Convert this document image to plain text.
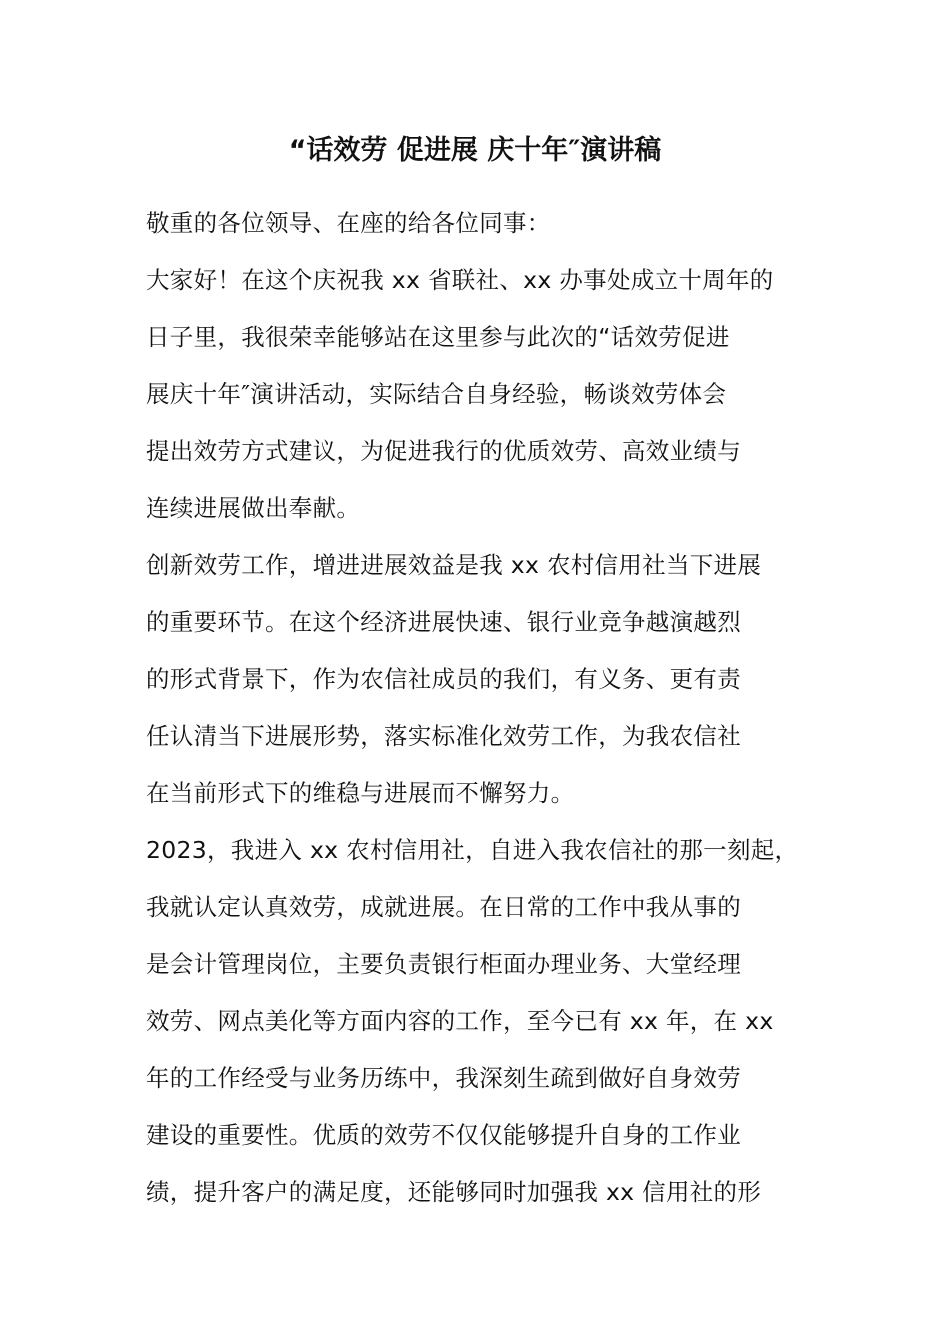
“话效劳 促进展 庆十年″演讲稿
敬重的各位领导、在座的给各位同事：
大家好！在这个庆祝我 xx 省联社、xx 办事处成立十周年的
日子里，我很荣幸能够站在这里参与此次的“话效劳促进
展庆十年″演讲活动，实际结合自身经验，畅谈效劳体会
提出效劳方式建议，为促进我行的优质效劳、高效业绩与
连续进展做出奉献。
创新效劳工作，增进进展效益是我 xx 农村信用社当下进展
的重要环节。在这个经济进展快速、银行业竞争越演越烈
的形式背景下，作为农信社成员的我们，有义务、更有责
任认清当下进展形势，落实标准化效劳工作，为我农信社
在当前形式下的维稳与进展而不懈努力。
2023，我进入 xx 农村信用社，自进入我农信社的那一刻起，
我就认定认真效劳，成就进展。在日常的工作中我从事的
是会计管理岗位，主要负责银行柜面办理业务、大堂经理
效劳、网点美化等方面内容的工作，至今已有 xx 年，在 xx
年的工作经受与业务历练中，我深刻生疏到做好自身效劳
建设的重要性。优质的效劳不仅仅能够提升自身的工作业
绩，提升客户的满足度，还能够同时加强我 xx 信用社的形
